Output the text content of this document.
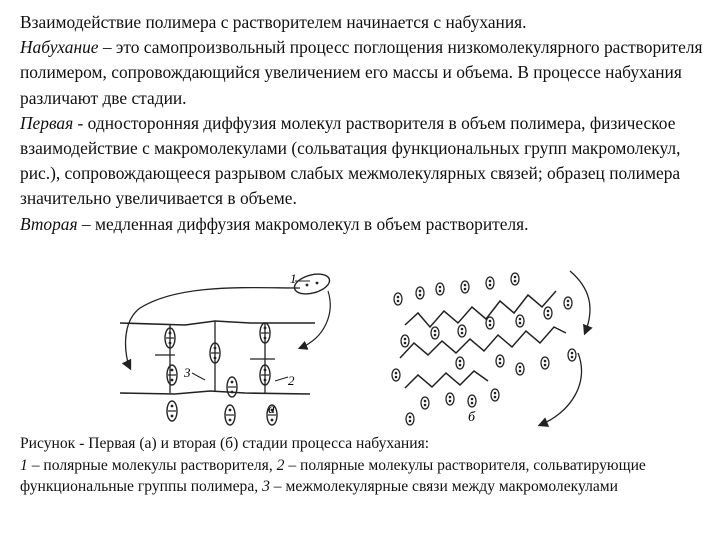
Взаимодействие полимера с растворителем начинается с набухания.

Набухание – это самопроизвольный процесс поглощения низкомолекулярного растворителя полимером, сопровождающийся увеличением его массы и объема. В процессе набухания различают две стадии.

Первая - односторонняя диффузия молекул растворителя в объем полимера, физическое взаимодействие с макромолекулами (сольватация функциональных групп макромолекул, рис.), сопровождающееся разрывом слабых межмолекулярных связей; образец полимера значительно увеличивается в объеме.

Вторая – медленная диффузия макромолекул в объем растворителя.

3
2
1
а
б

Рисунок - Первая (а) и вторая (б) стадии процесса набухания:

1 – полярные молекулы растворителя, 2 – полярные молекулы растворителя, сольватирующие функциональные группы полимера, 3 – межмолекулярные связи между макромолекулами
